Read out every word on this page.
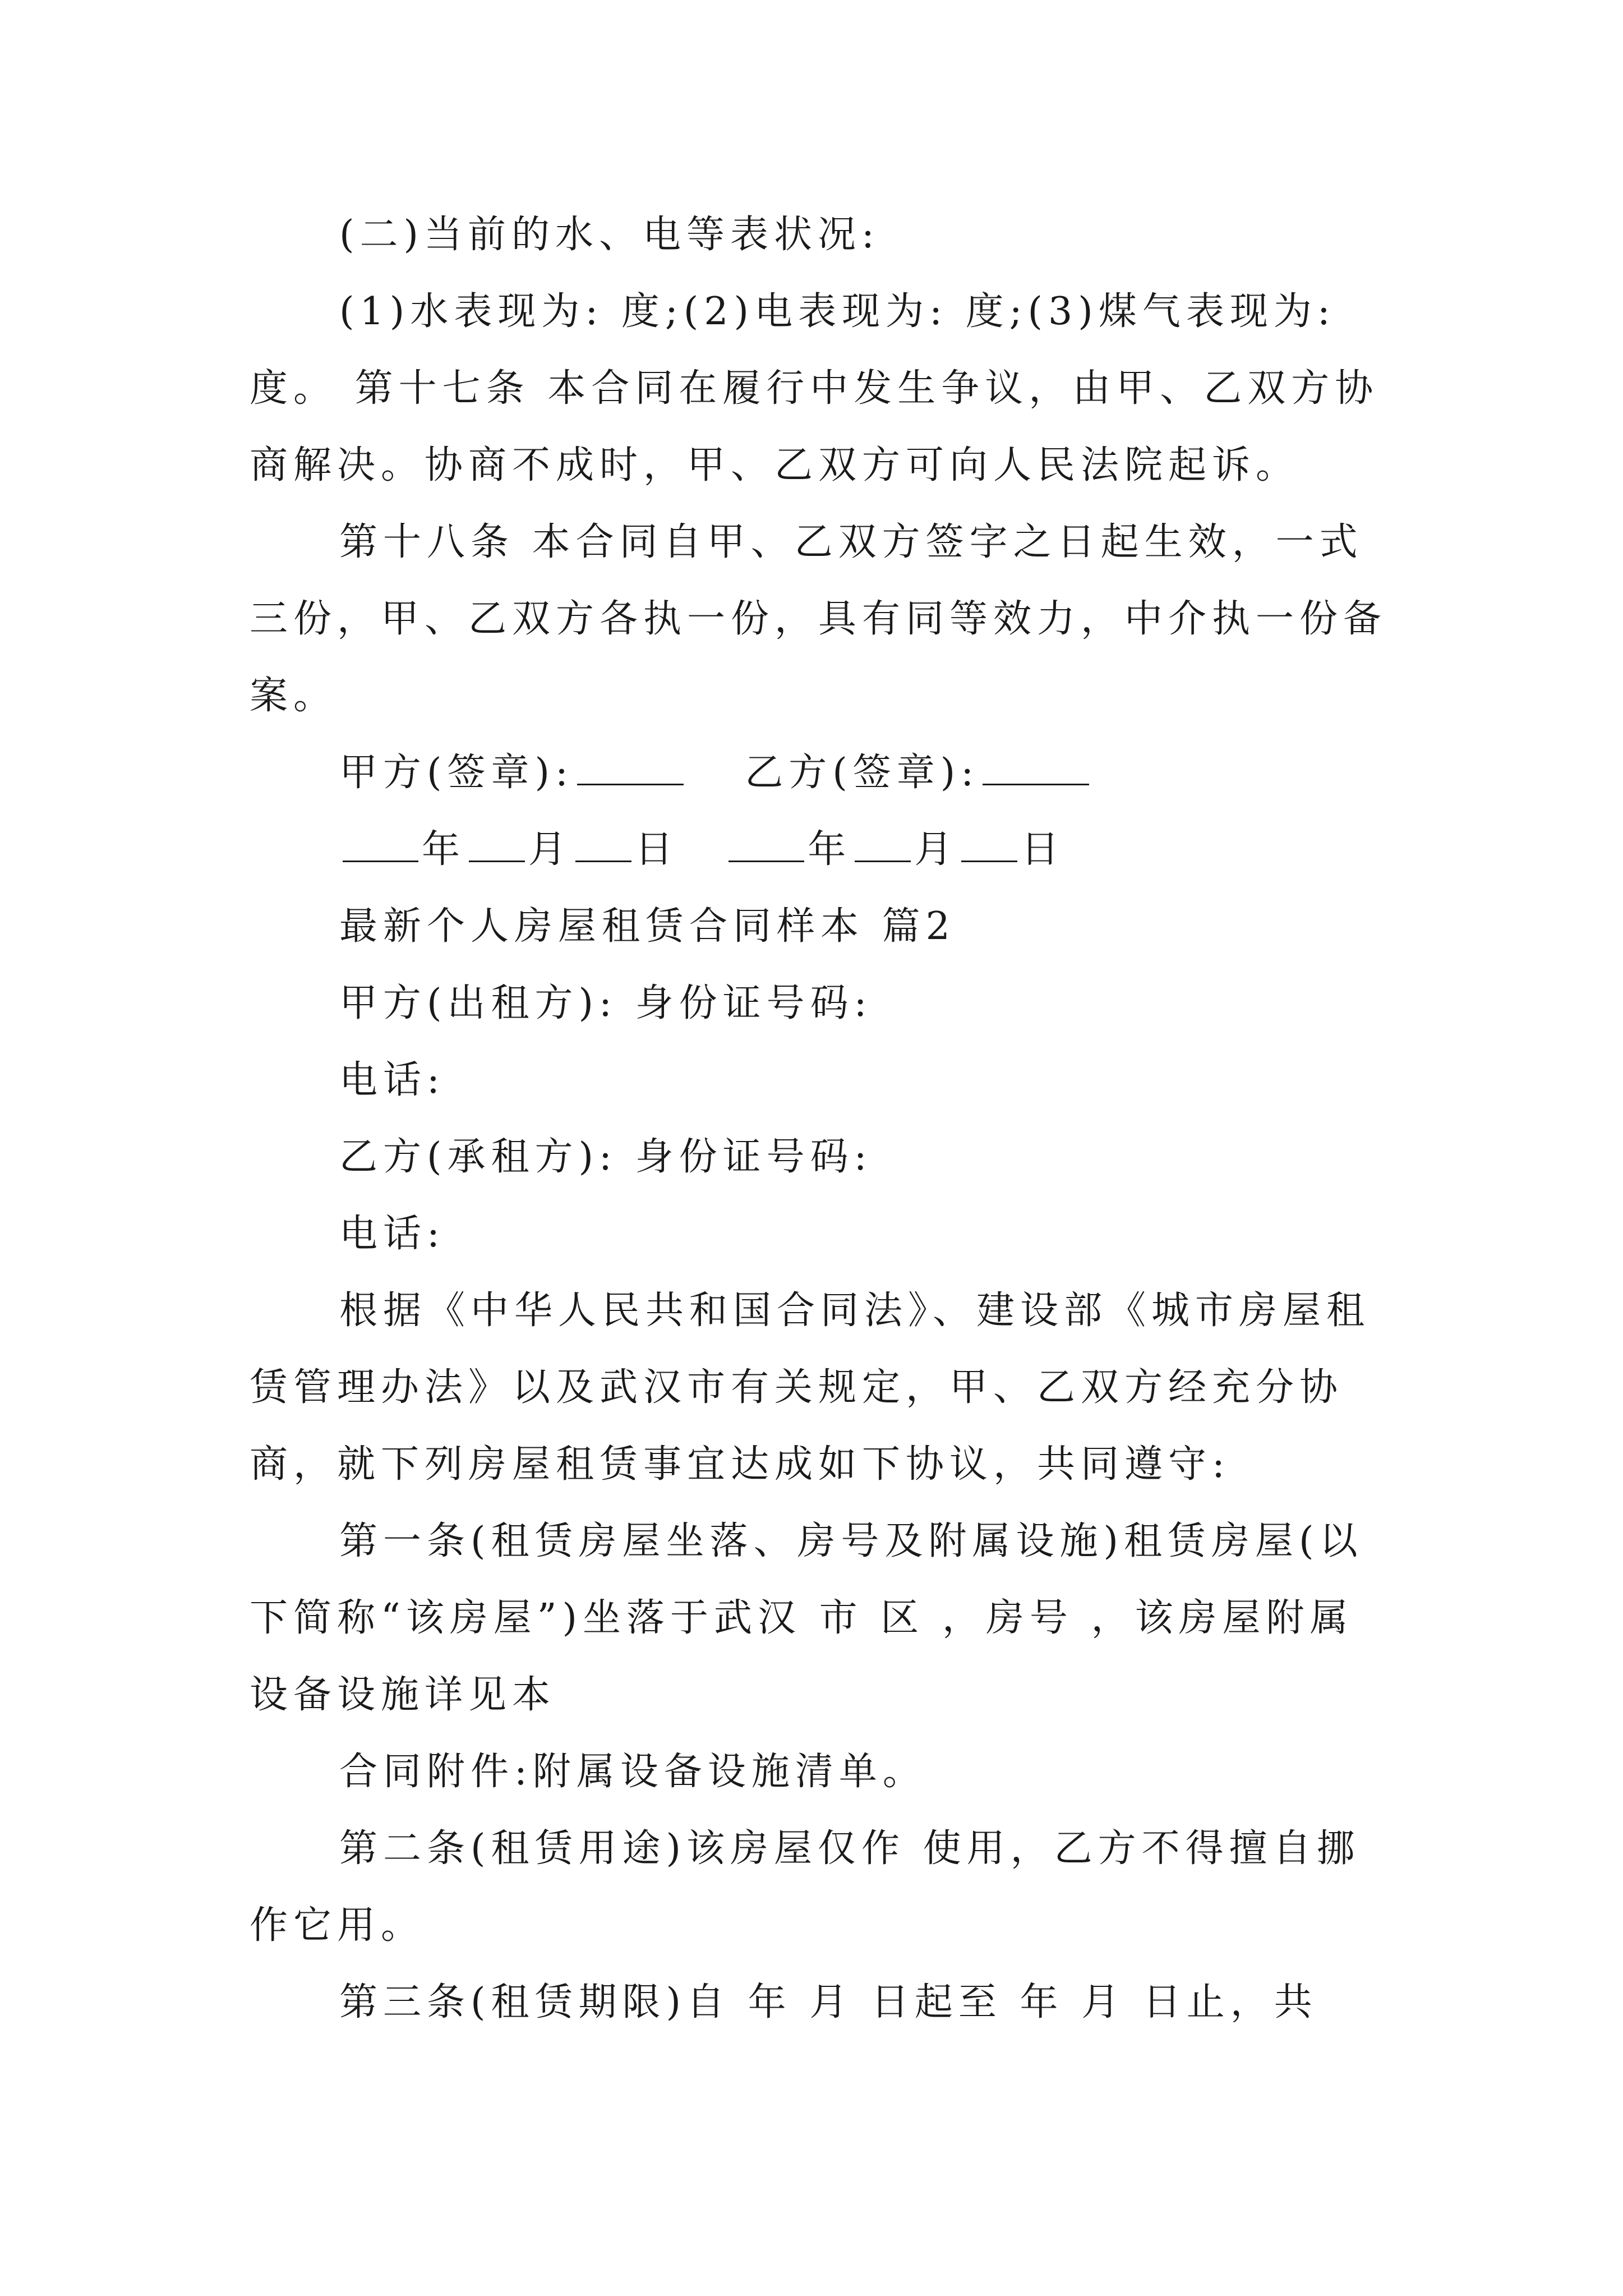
(二)当前的水、电等表状况:

(1)水表现为: 度;(2)电表现为: 度;(3)煤气表现为: 度。 第十七条 本合同在履行中发生争议，由甲、乙双方协商解决。协商不成时，甲、乙双方可向人民法院起诉。

第十八条 本合同自甲、乙双方签字之日起生效，一式三份，甲、乙双方各执一份，具有同等效力，中介执一份备案。

甲方(签章):	乙方(签章):

年 月 日	年 月 日

最新个人房屋租赁合同样本 篇2

甲方(出租方): 身份证号码:

电话:

乙方(承租方): 身份证号码:

电话:

根据《中华人民共和国合同法》、建设部《城市房屋租赁管理办法》以及武汉市有关规定，甲、乙双方经充分协商，就下列房屋租赁事宜达成如下协议，共同遵守:

第一条(租赁房屋坐落、房号及附属设施)租赁房屋(以下简称“该房屋”)坐落于武汉 市 区 ，房号 ，该房屋附属设备设施详见本

合同附件:附属设备设施清单。

第二条(租赁用途)该房屋仅作 使用，乙方不得擅自挪作它用。

第三条(租赁期限)自 年 月 日起至 年 月 日止，共
